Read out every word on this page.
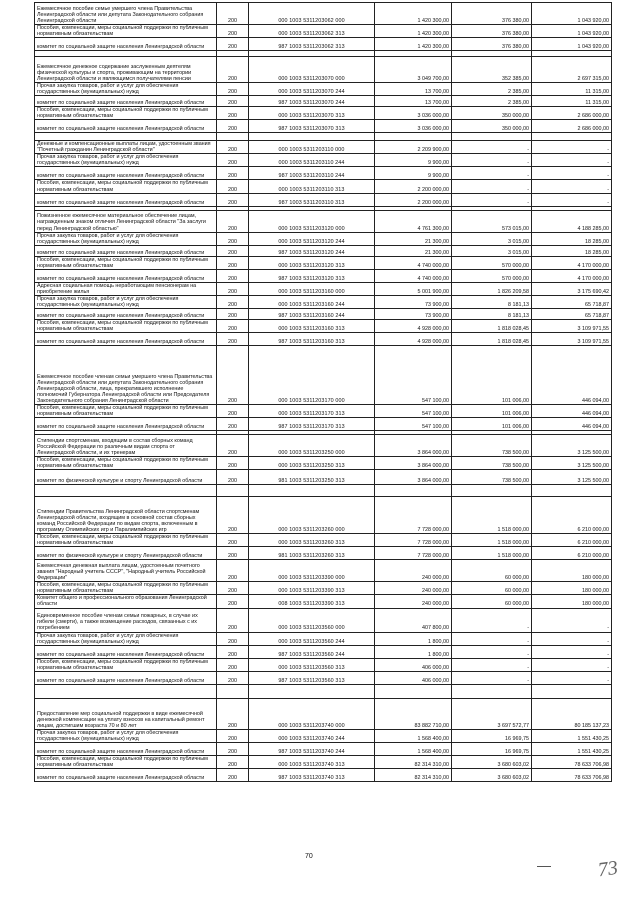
Ежемесячное пособие семье умершего члена Правительства Ленинградской области или депутата Законодательного собрания Ленинградской области	200	000 1003 5311203062 000	1 420 300,00	376 380,00	1 043 920,00
Пособия, компенсации, меры социальной поддержки по публичным нормативным обязательствам	200	000 1003 5311203062 313	1 420 300,00	376 380,00	1 043 920,00
комитет по социальной защите населения Ленинградской области	200	987 1003 5311203062 313	1 420 300,00	376 380,00	1 043 920,00

Ежемесячное денежное содержание заслуженным деятелям физической культуры и спорта, проживающим на территории Ленинградской области и являющимся получателями пенсии	200	000 1003 5311203070 000	3 049 700,00	352 385,00	2 697 315,00
Прочая закупка товаров, работ и услуг для обеспечения государственных (муниципальных) нужд	200	000 1003 5311203070 244	13 700,00	2 385,00	11 315,00
комитет по социальной защите населения Ленинградской области	200	987 1003 5311203070 244	13 700,00	2 385,00	11 315,00
Пособия, компенсации, меры социальной поддержки по публичным нормативным обязательствам	200	000 1003 5311203070 313	3 036 000,00	350 000,00	2 686 000,00
комитет по социальной защите населения Ленинградской области	200	987 1003 5311203070 313	3 036 000,00	350 000,00	2 686 000,00

Денежные и компенсационные выплаты лицам, удостоенным звания "Почетный гражданин Ленинградской области"	200	000 1003 5311203110 000	2 209 900,00	-	-
Прочая закупка товаров, работ и услуг для обеспечения государственных (муниципальных) нужд	200	000 1003 5311203110 244	9 900,00	-	-
комитет по социальной защите населения Ленинградской области	200	987 1003 5311203110 244	9 900,00	-	-
Пособия, компенсации, меры социальной поддержки по публичным нормативным обязательствам	200	000 1003 5311203110 313	2 200 000,00	-	-
комитет по социальной защите населения Ленинградской области	200	987 1003 5311203110 313	2 200 000,00	-	-

Пожизненное ежемесячное материальное обеспечение лицам, награжденным знаком отличия Ленинградской области "За заслуги перед Ленинградской областью"	200	000 1003 5311203120 000	4 761 300,00	573 015,00	4 188 285,00
Прочая закупка товаров, работ и услуг для обеспечения государственных (муниципальных) нужд	200	000 1003 5311203120 244	21 300,00	3 015,00	18 285,00
комитет по социальной защите населения Ленинградской области	200	987 1003 5311203120 244	21 300,00	3 015,00	18 285,00
Пособия, компенсации, меры социальной поддержки по публичным нормативным обязательствам	200	000 1003 5311203120 313	4 740 000,00	570 000,00	4 170 000,00
комитет по социальной защите населения Ленинградской области	200	987 1003 5311203120 313	4 740 000,00	570 000,00	4 170 000,00
Адресная социальная помощь неработающим пенсионерам на приобретение жилья	200	000 1003 5311203160 000	5 001 900,00	1 826 209,58	3 175 690,42
Прочая закупка товаров, работ и услуг для обеспечения государственных (муниципальных) нужд	200	000 1003 5311203160 244	73 900,00	8 181,13	65 718,87
комитет по социальной защите населения Ленинградской области	200	987 1003 5311203160 244	73 900,00	8 181,13	65 718,87
Пособия, компенсации, меры социальной поддержки по публичным нормативным обязательствам	200	000 1003 5311203160 313	4 928 000,00	1 818 028,45	3 109 971,55
комитет по социальной защите населения Ленинградской области	200	987 1003 5311203160 313	4 928 000,00	1 818 028,45	3 109 971,55
Ежемесячное пособие членам семьи умершего члена Правительства Ленинградской области или депутата Законодательного собрания Ленинградской области, лица, прекратившего исполнение полномочий Губернатора Ленинградской области или Председателя Законодательного собрания Ленинградской области	200	000 1003 5311203170 000	547 100,00	101 006,00	446 094,00
Пособия, компенсации, меры социальной поддержки по публичным нормативным обязательствам	200	000 1003 5311203170 313	547 100,00	101 006,00	446 094,00
комитет по социальной защите населения Ленинградской области	200	987 1003 5311203170 313	547 100,00	101 006,00	446 094,00

Стипендии спортсменам, входящим в состав сборных команд Российской Федерации по различным видам спорта от Ленинградской области, и их тренерам	200	000 1003 5311203250 000	3 864 000,00	738 500,00	3 125 500,00
Пособия, компенсации, меры социальной поддержки по публичным нормативным обязательствам	200	000 1003 5311203250 313	3 864 000,00	738 500,00	3 125 500,00
комитет по физической культуре и спорту Ленинградской области	200	981 1003 5311203250 313	3 864 000,00	738 500,00	3 125 500,00

Стипендии Правительства Ленинградской области спортсменам Ленинградской области, входящим в основной состав сборных команд Российской Федерации по видам спорта, включенным в программу Олимпийских игр и Паралимпийских игр	200	000 1003 5311203260 000	7 728 000,00	1 518 000,00	6 210 000,00
Пособия, компенсации, меры социальной поддержки по публичным нормативным обязательствам	200	000 1003 5311203260 313	7 728 000,00	1 518 000,00	6 210 000,00
комитет по физической культуре и спорту Ленинградской области	200	981 1003 5311203260 313	7 728 000,00	1 518 000,00	6 210 000,00
Ежемесячная денежная выплата лицам, удостоенным почетного звания "Народный учитель СССР", "Народный учитель Российской Федерации"	200	000 1003 5311203390 000	240 000,00	60 000,00	180 000,00
Пособия, компенсации, меры социальной поддержки по публичным нормативным обязательствам	200	000 1003 5311203390 313	240 000,00	60 000,00	180 000,00
Комитет общего и профессионального образования Ленинградской области	200	008 1003 5311203390 313	240 000,00	60 000,00	180 000,00
Единовременное пособие членам семьи пожарных, в случае их гибели (смерти), а также возмещение расходов, связанных с их погребением	200	000 1003 5311203560 000	407 800,00	-	-
Прочая закупка товаров, работ и услуг для обеспечения государственных (муниципальных) нужд	200	000 1003 5311203560 244	1 800,00	-	-
комитет по социальной защите населения Ленинградской области	200	987 1003 5311203560 244	1 800,00	-	-
Пособия, компенсации, меры социальной поддержки по публичным нормативным обязательствам	200	000 1003 5311203560 313	406 000,00	-	-
комитет по социальной защите населения Ленинградской области	200	987 1003 5311203560 313	406 000,00	-	-

Предоставление мер социальной поддержки в виде ежемесячной денежной компенсации на уплату взносов на капитальный ремонт лицам, достигшим возраста 70 и 80 лет	200	000 1003 5311203740 000	83 882 710,00	3 697 572,77	80 185 137,23
Прочая закупка товаров, работ и услуг для обеспечения государственных (муниципальных) нужд	200	000 1003 5311203740 244	1 568 400,00	16 969,75	1 551 430,25
комитет по социальной защите населения Ленинградской области	200	987 1003 5311203740 244	1 568 400,00	16 969,75	1 551 430,25
Пособия, компенсации, меры социальной поддержки по публичным нормативным обязательствам	200	000 1003 5311203740 313	82 314 310,00	3 680 603,02	78 633 706,98
комитет по социальной защите населения Ленинградской области	200	987 1003 5311203740 313	82 314 310,00	3 680 603,02	78 633 706,98
70
73
